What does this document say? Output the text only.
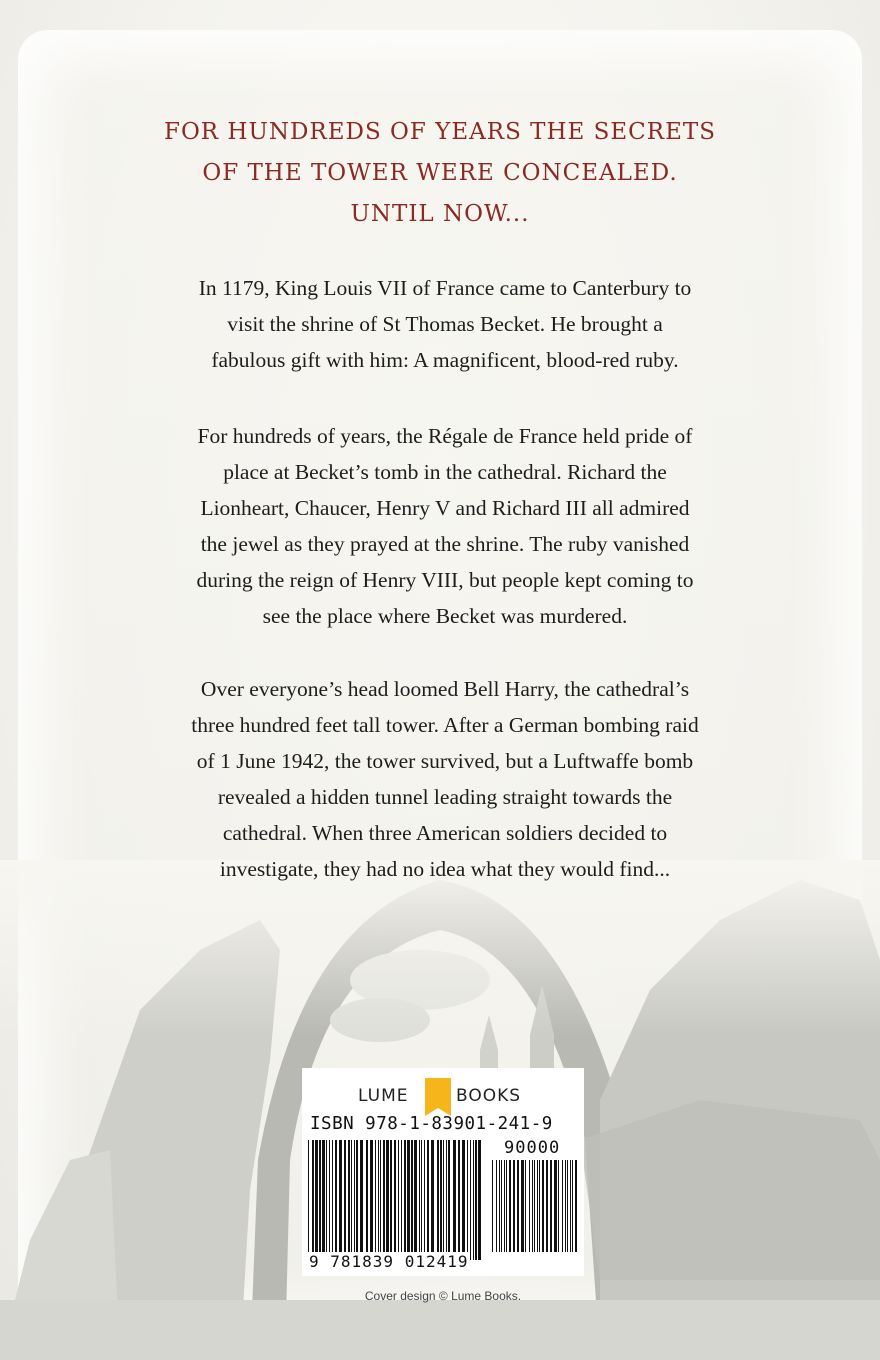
FOR HUNDREDS OF YEARS THE SECRETS
OF THE TOWER WERE CONCEALED.
UNTIL NOW...
In 1179, King Louis VII of France came to Canterbury to
visit the shrine of St Thomas Becket. He brought a
fabulous gift with him: A magnificent, blood-red ruby.
For hundreds of years, the Régale de France held pride of
place at Becket’s tomb in the cathedral. Richard the
Lionheart, Chaucer, Henry V and Richard III all admired
the jewel as they prayed at the shrine. The ruby vanished
during the reign of Henry VIII, but people kept coming to
see the place where Becket was murdered.
Over everyone’s head loomed Bell Harry, the cathedral’s
three hundred feet tall tower. After a German bombing raid
of 1 June 1942, the tower survived, but a Luftwaffe bomb
revealed a hidden tunnel leading straight towards the
cathedral. When three American soldiers decided to
investigate, they had no idea what they would find...
LUME	BOOKS
ISBN 978-1-83901-241-9
90000
9 781839 012419
Cover design © Lume Books.
